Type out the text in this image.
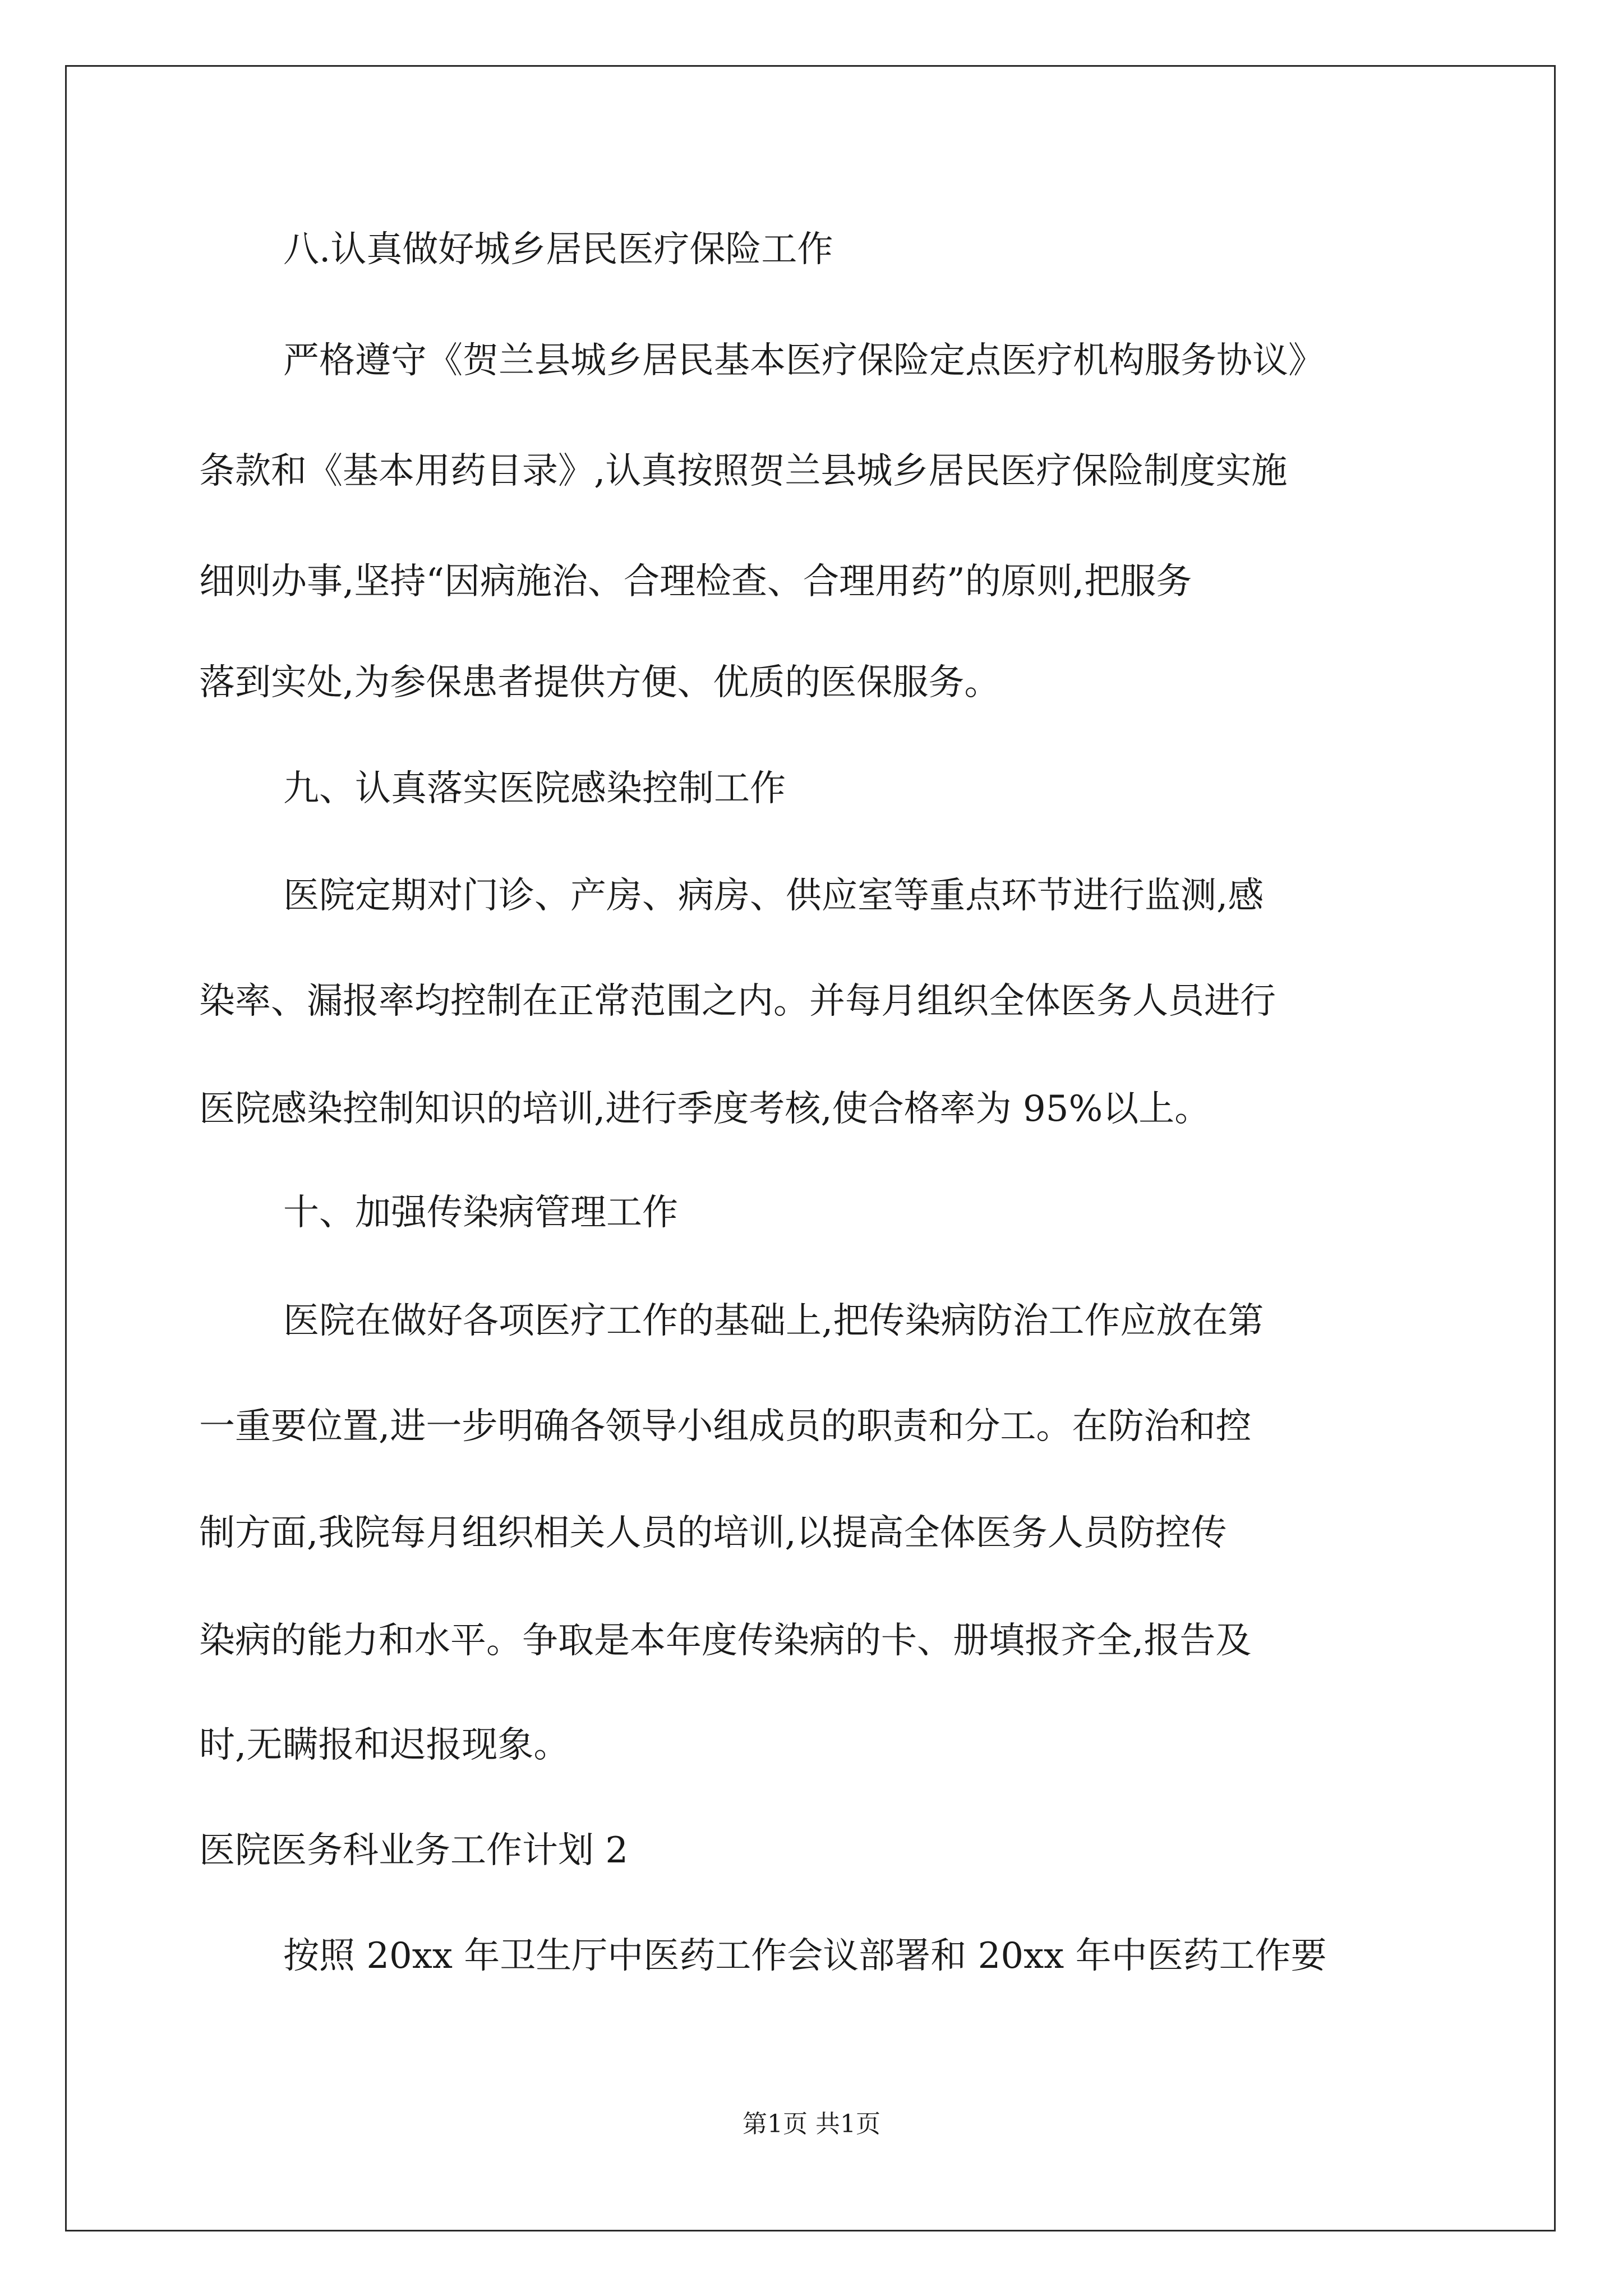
八.认真做好城乡居民医疗保险工作
严格遵守《贺兰县城乡居民基本医疗保险定点医疗机构服务协议》
条款和《基本用药目录》,认真按照贺兰县城乡居民医疗保险制度实施
细则办事,坚持“因病施治、合理检查、合理用药”的原则,把服务
落到实处,为参保患者提供方便、优质的医保服务。
九、认真落实医院感染控制工作
医院定期对门诊、产房、病房、供应室等重点环节进行监测,感
染率、漏报率均控制在正常范围之内。并每月组织全体医务人员进行
医院感染控制知识的培训,进行季度考核,使合格率为 95%以上。
十、加强传染病管理工作
医院在做好各项医疗工作的基础上,把传染病防治工作应放在第
一重要位置,进一步明确各领导小组成员的职责和分工。在防治和控
制方面,我院每月组织相关人员的培训,以提高全体医务人员防控传
染病的能力和水平。争取是本年度传染病的卡、册填报齐全,报告及
时,无瞒报和迟报现象。
医院医务科业务工作计划 2
按照 20xx 年卫生厅中医药工作会议部署和 20xx 年中医药工作要
第1页 共1页
